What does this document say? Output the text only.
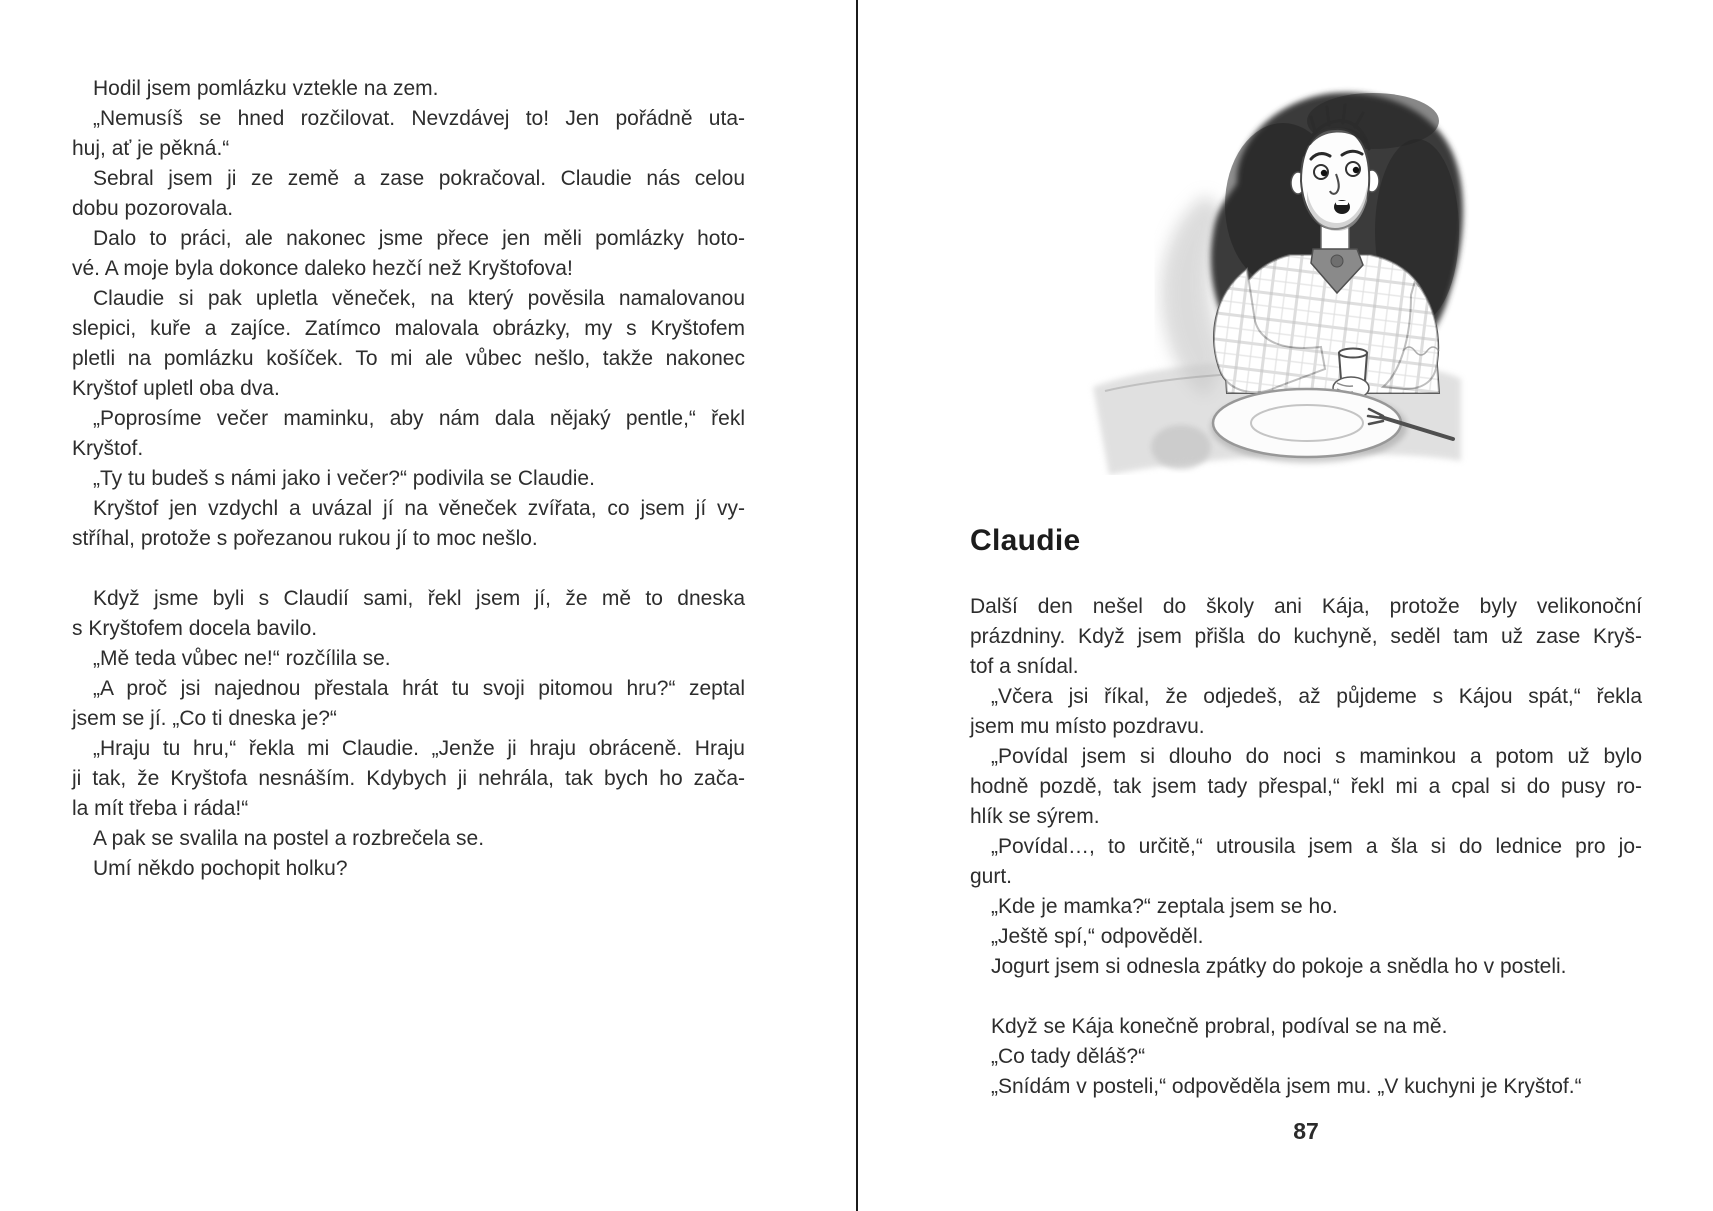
Hodil jsem pomlázku vztekle na zem.
„Nemusíš se hned rozčilovat. Nevzdávej to! Jen pořádně uta-
huj, ať je pěkná.“
Sebral jsem ji ze země a zase pokračoval. Claudie nás celou
dobu pozorovala.
Dalo to práci, ale nakonec jsme přece jen měli pomlázky hoto-
vé. A moje byla dokonce daleko hezčí než Kryštofova!
Claudie si pak upletla věneček, na který pověsila namalovanou
slepici, kuře a zajíce. Zatímco malovala obrázky, my s Kryštofem
pletli na pomlázku košíček. To mi ale vůbec nešlo, takže nakonec
Kryštof upletl oba dva.
„Poprosíme večer maminku, aby nám dala nějaký pentle,“ řekl
Kryštof.
„Ty tu budeš s námi jako i večer?“ podivila se Claudie.
Kryštof jen vzdychl a uvázal jí na věneček zvířata, co jsem jí vy-
stříhal, protože s pořezanou rukou jí to moc nešlo.

Když jsme byli s Claudií sami, řekl jsem jí, že mě to dneska
s Kryštofem docela bavilo.
„Mě teda vůbec ne!“ rozčílila se.
„A proč jsi najednou přestala hrát tu svoji pitomou hru?“ zeptal
jsem se jí. „Co ti dneska je?“
„Hraju tu hru,“ řekla mi Claudie. „Jenže ji hraju obráceně. Hraju
ji tak, že Kryštofa nesnáším. Kdybych ji nehrála, tak bych ho zača-
la mít třeba i ráda!“
A pak se svalila na postel a rozbrečela se.
Umí někdo pochopit holku?
Claudie
Další den nešel do školy ani Kája, protože byly velikonoční
prázdniny. Když jsem přišla do kuchyně, seděl tam už zase Kryš-
tof a snídal.
„Včera jsi říkal, že odjedeš, až půjdeme s Kájou spát,“ řekla
jsem mu místo pozdravu.
„Povídal jsem si dlouho do noci s maminkou a potom už bylo
hodně pozdě, tak jsem tady přespal,“ řekl mi a cpal si do pusy ro-
hlík se sýrem.
„Povídal…, to určitě,“ utrousila jsem a šla si do lednice pro jo-
gurt.
„Kde je mamka?“ zeptala jsem se ho.
„Ještě spí,“ odpověděl.
Jogurt jsem si odnesla zpátky do pokoje a snědla ho v posteli.

Když se Kája konečně probral, podíval se na mě.
„Co tady děláš?“
„Snídám v posteli,“ odpověděla jsem mu. „V kuchyni je Kryštof.“
87
